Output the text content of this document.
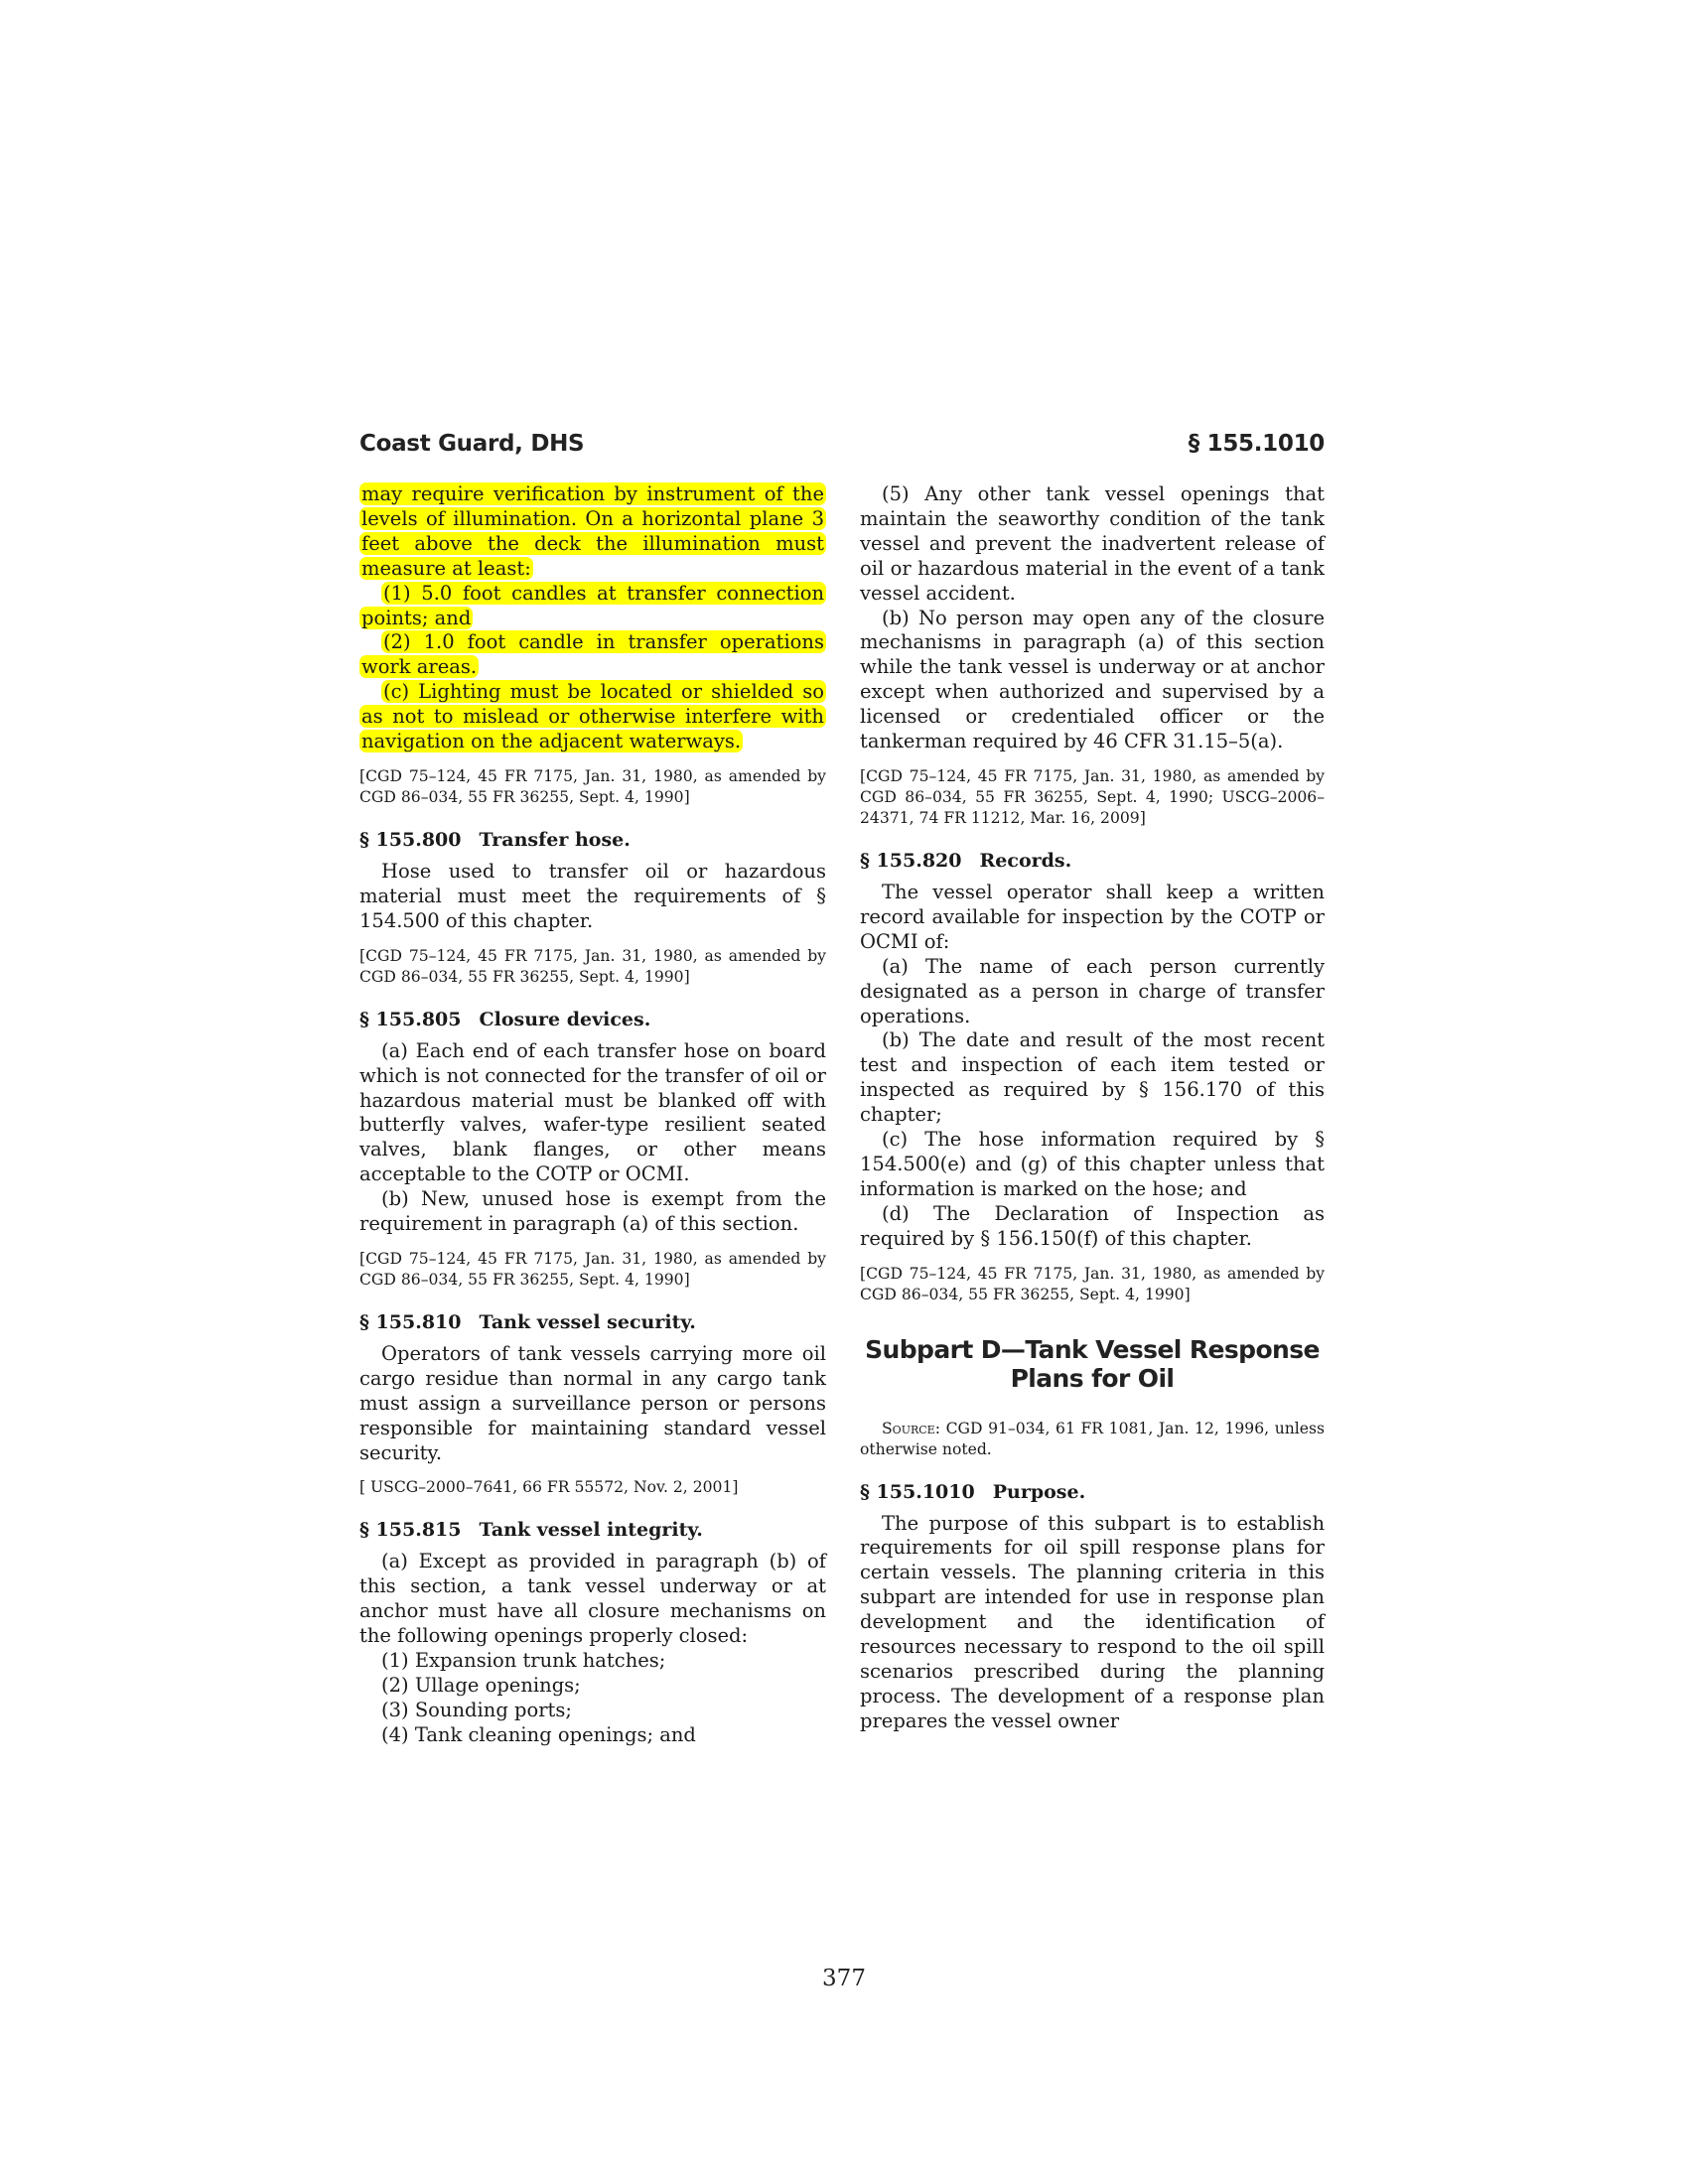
Coast Guard, DHS	§ 155.1010

may require verification by instrument of the levels of illumination. On a horizontal plane 3 feet above the deck the illumination must measure at least:

(1) 5.0 foot candles at transfer connection points; and

(2) 1.0 foot candle in transfer operations work areas.

(c) Lighting must be located or shielded so as not to mislead or otherwise interfere with navigation on the adjacent waterways.

[CGD 75–124, 45 FR 7175, Jan. 31, 1980, as amended by CGD 86–034, 55 FR 36255, Sept. 4, 1990]

§ 155.800 Transfer hose.

Hose used to transfer oil or hazardous material must meet the requirements of § 154.500 of this chapter.

[CGD 75–124, 45 FR 7175, Jan. 31, 1980, as amended by CGD 86–034, 55 FR 36255, Sept. 4, 1990]

§ 155.805 Closure devices.

(a) Each end of each transfer hose on board which is not connected for the transfer of oil or hazardous material must be blanked off with butterfly valves, wafer-type resilient seated valves, blank flanges, or other means acceptable to the COTP or OCMI.

(b) New, unused hose is exempt from the requirement in paragraph (a) of this section.

[CGD 75–124, 45 FR 7175, Jan. 31, 1980, as amended by CGD 86–034, 55 FR 36255, Sept. 4, 1990]

§ 155.810 Tank vessel security.

Operators of tank vessels carrying more oil cargo residue than normal in any cargo tank must assign a surveillance person or persons responsible for maintaining standard vessel security.

[ USCG–2000–7641, 66 FR 55572, Nov. 2, 2001]

§ 155.815 Tank vessel integrity.

(a) Except as provided in paragraph (b) of this section, a tank vessel underway or at anchor must have all closure mechanisms on the following openings properly closed:

(1) Expansion trunk hatches;

(2) Ullage openings;

(3) Sounding ports;

(4) Tank cleaning openings; and

(5) Any other tank vessel openings that maintain the seaworthy condition of the tank vessel and prevent the inadvertent release of oil or hazardous material in the event of a tank vessel accident.

(b) No person may open any of the closure mechanisms in paragraph (a) of this section while the tank vessel is underway or at anchor except when authorized and supervised by a licensed or credentialed officer or the tankerman required by 46 CFR 31.15–5(a).

[CGD 75–124, 45 FR 7175, Jan. 31, 1980, as amended by CGD 86–034, 55 FR 36255, Sept. 4, 1990; USCG–2006–24371, 74 FR 11212, Mar. 16, 2009]

§ 155.820 Records.

The vessel operator shall keep a written record available for inspection by the COTP or OCMI of:

(a) The name of each person currently designated as a person in charge of transfer operations.

(b) The date and result of the most recent test and inspection of each item tested or inspected as required by § 156.170 of this chapter;

(c) The hose information required by § 154.500(e) and (g) of this chapter unless that information is marked on the hose; and

(d) The Declaration of Inspection as required by § 156.150(f) of this chapter.

[CGD 75–124, 45 FR 7175, Jan. 31, 1980, as amended by CGD 86–034, 55 FR 36255, Sept. 4, 1990]

Subpart D—Tank Vessel Response
Plans for Oil

Source: CGD 91–034, 61 FR 1081, Jan. 12, 1996, unless otherwise noted.

§ 155.1010 Purpose.

The purpose of this subpart is to establish requirements for oil spill response plans for certain vessels. The planning criteria in this subpart are intended for use in response plan development and the identification of resources necessary to respond to the oil spill scenarios prescribed during the planning process. The development of a response plan prepares the vessel owner

377
